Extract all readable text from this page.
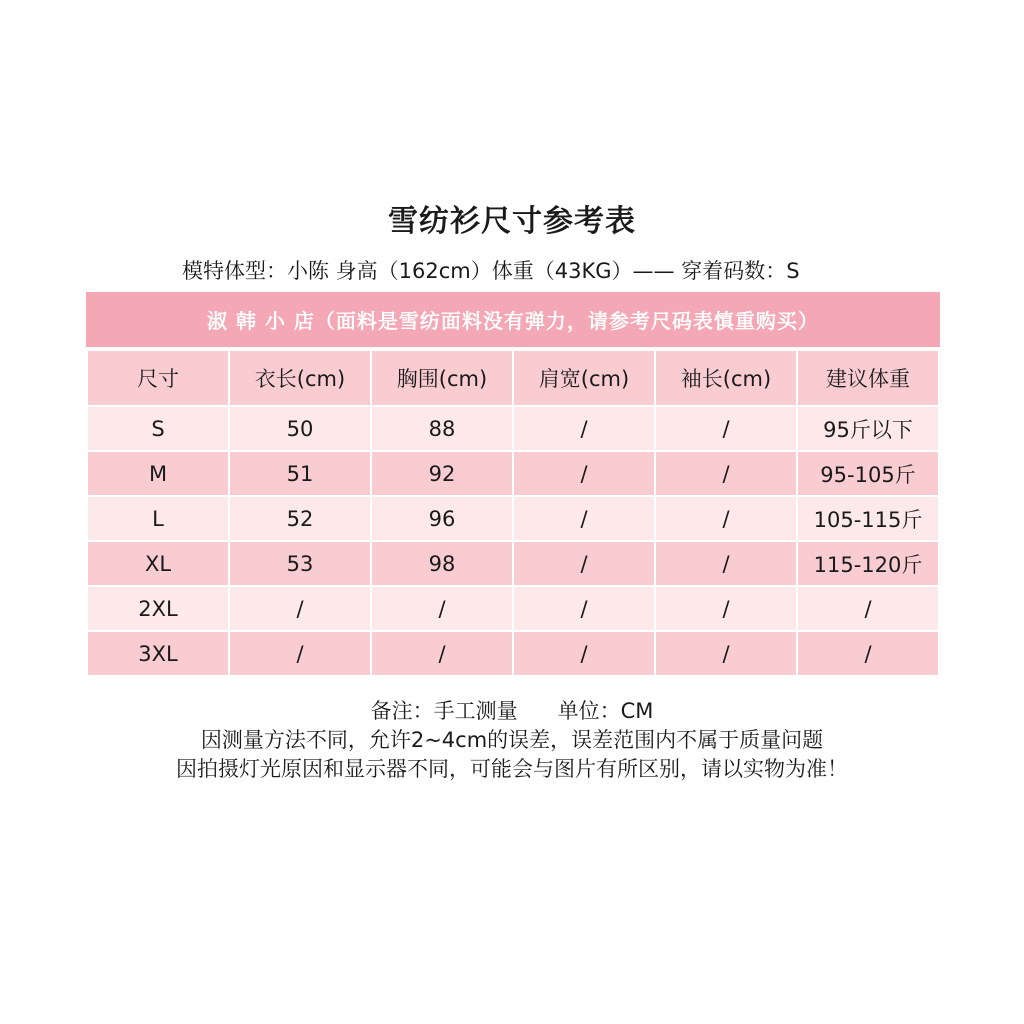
雪纺衫尺寸参考表
模特体型：小陈 身高（162cm）体重（43KG）—— 穿着码数：S
淑 韩 小 店（面料是雪纺面料没有弹力，请参考尺码表慎重购买）
尺寸	衣长(cm)	胸围(cm)	肩宽(cm)	袖长(cm)	建议体重
S	50	88	/	/	95斤以下
M	51	92	/	/	95-105斤
L	52	96	/	/	105-115斤
XL	53	98	/	/	115-120斤
2XL	/	/	/	/	/
3XL	/	/	/	/	/
备注：手工测量 单位：CM
因测量方法不同，允许2~4cm的误差，误差范围内不属于质量问题
因拍摄灯光原因和显示器不同，可能会与图片有所区别，请以实物为准！
